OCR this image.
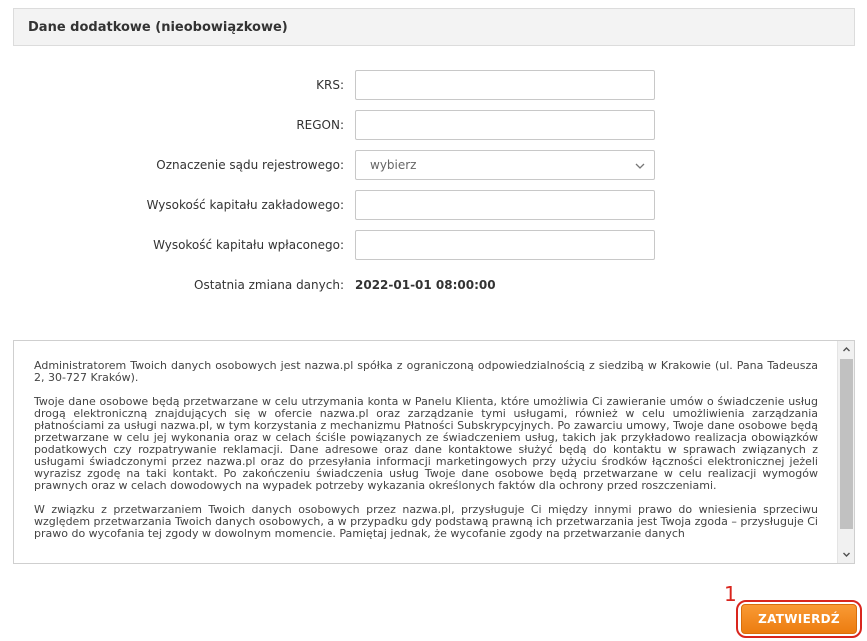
Dane dodatkowe (nieobowiązkowe)
KRS:
REGON:
Oznaczenie sądu rejestrowego: wybierz
Wysokość kapitału zakładowego:
Wysokość kapitału wpłaconego:
Ostatnia zmiana danych: 2022-01-01 08:00:00

Administratorem Twoich danych osobowych jest nazwa.pl spółka z ograniczoną odpowiedzialnością z siedzibą w Krakowie (ul. Pana Tadeusza 2, 30-727 Kraków).

Twoje dane osobowe będą przetwarzane w celu utrzymania konta w Panelu Klienta, które umożliwia Ci zawieranie umów o świadczenie usług drogą elektroniczną znajdujących się w ofercie nazwa.pl oraz zarządzanie tymi usługami, również w celu umożliwienia zarządzania płatnościami za usługi nazwa.pl, w tym korzystania z mechanizmu Płatności Subskrypcyjnych. Po zawarciu umowy, Twoje dane osobowe będą przetwarzane w celu jej wykonania oraz w celach ściśle powiązanych ze świadczeniem usług, takich jak przykładowo realizacja obowiązków podatkowych czy rozpatrywanie reklamacji. Dane adresowe oraz dane kontaktowe służyć będą do kontaktu w sprawach związanych z usługami świadczonymi przez nazwa.pl oraz do przesyłania informacji marketingowych przy użyciu środków łączności elektronicznej jeżeli wyrazisz zgodę na taki kontakt. Po zakończeniu świadczenia usług Twoje dane osobowe będą przetwarzane w celu realizacji wymogów prawnych oraz w celach dowodowych na wypadek potrzeby wykazania określonych faktów dla ochrony przed roszczeniami.

W związku z przetwarzaniem Twoich danych osobowych przez nazwa.pl, przysługuje Ci między innymi prawo do wniesienia sprzeciwu względem przetwarzania Twoich danych osobowych, a w przypadku gdy podstawą prawną ich przetwarzania jest Twoja zgoda – przysługuje Ci prawo do wycofania tej zgody w dowolnym momencie. Pamiętaj jednak, że wycofanie zgody na przetwarzanie danych

1
ZATWIERDŹ
